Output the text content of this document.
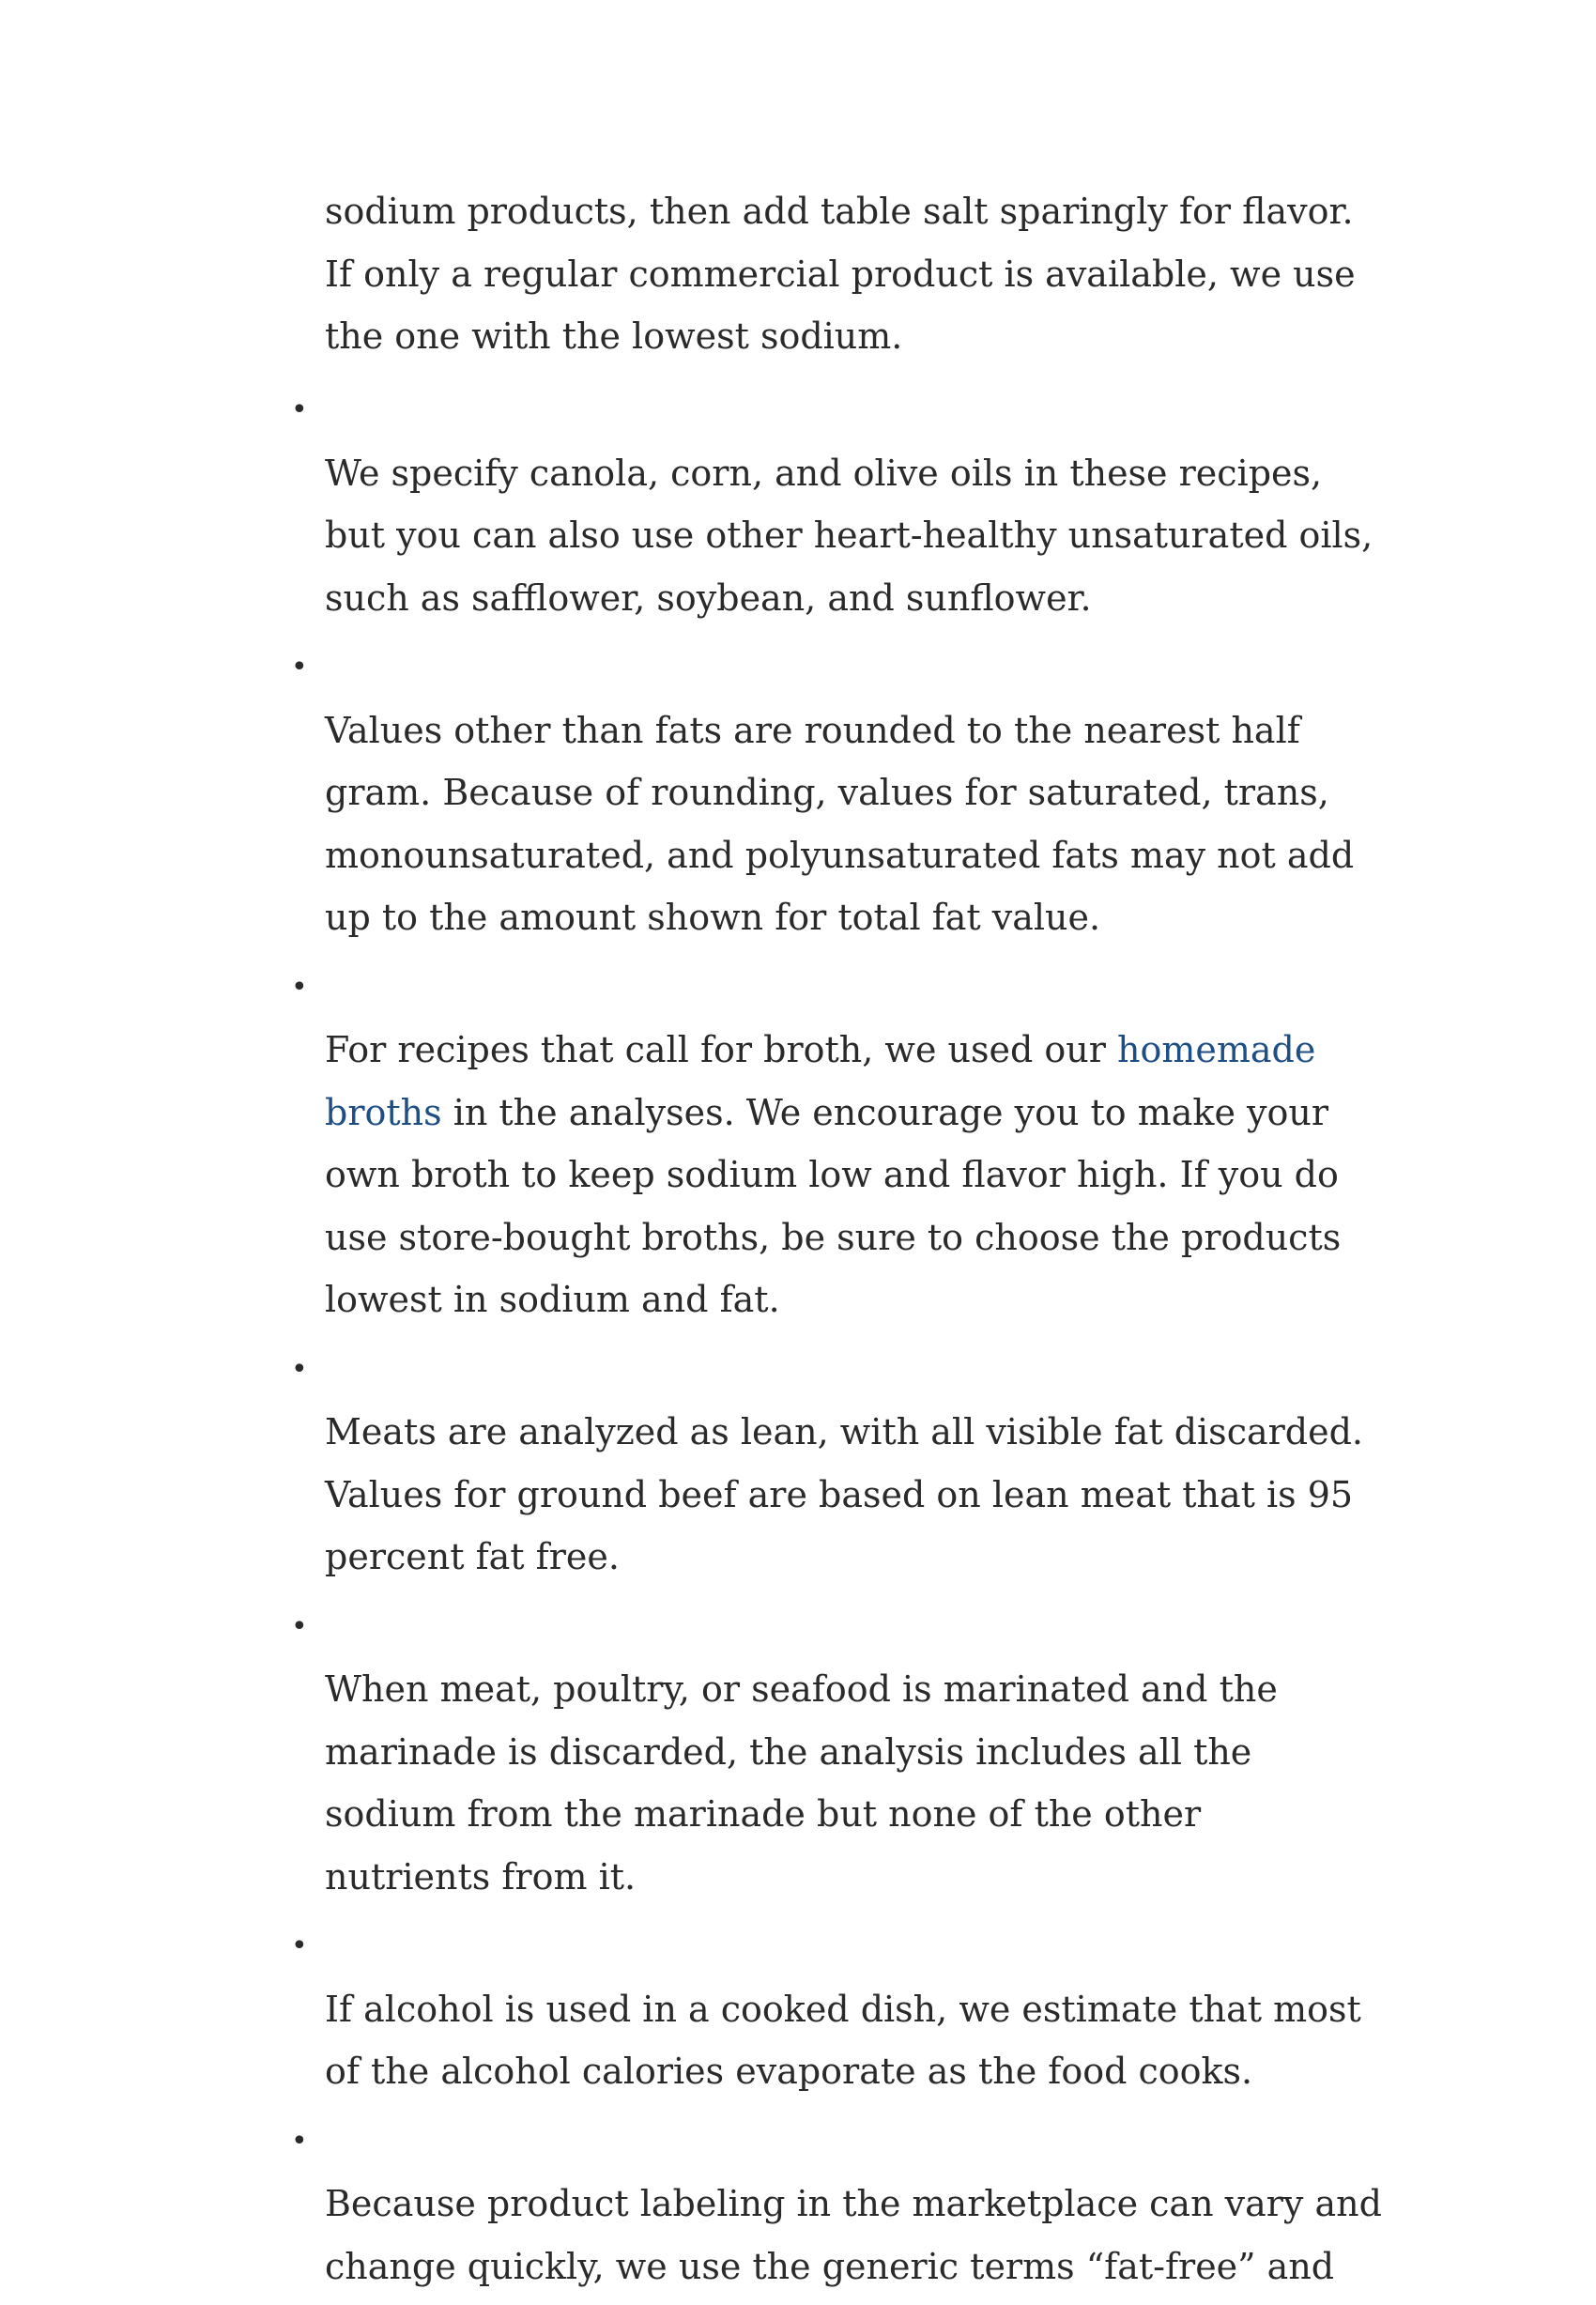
sodium products, then add table salt sparingly for flavor.
If only a regular commercial product is available, we use
the one with the lowest sodium.

•
We specify canola, corn, and olive oils in these recipes,
but you can also use other heart-healthy unsaturated oils,
such as safflower, soybean, and sunflower.

•
Values other than fats are rounded to the nearest half
gram. Because of rounding, values for saturated, trans,
monounsaturated, and polyunsaturated fats may not add
up to the amount shown for total fat value.

•
For recipes that call for broth, we used our homemade
broths in the analyses. We encourage you to make your
own broth to keep sodium low and flavor high. If you do
use store-bought broths, be sure to choose the products
lowest in sodium and fat.

•
Meats are analyzed as lean, with all visible fat discarded.
Values for ground beef are based on lean meat that is 95
percent fat free.

•
When meat, poultry, or seafood is marinated and the
marinade is discarded, the analysis includes all the
sodium from the marinade but none of the other
nutrients from it.

•
If alcohol is used in a cooked dish, we estimate that most
of the alcohol calories evaporate as the food cooks.

•
Because product labeling in the marketplace can vary and
change quickly, we use the generic terms “fat-free” and
